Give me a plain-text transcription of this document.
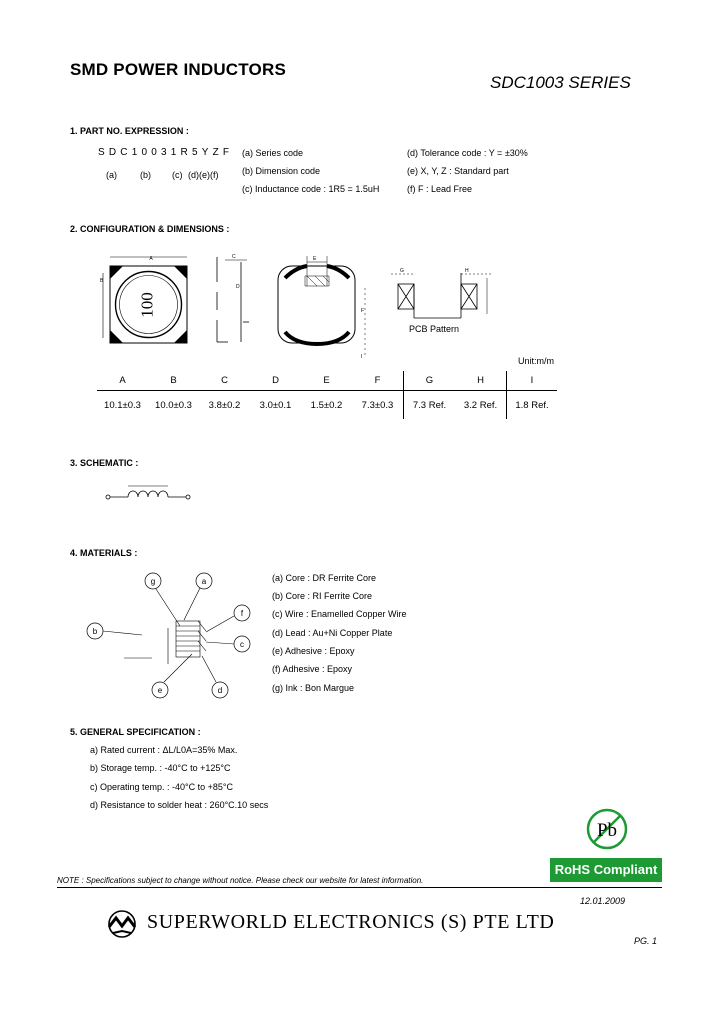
SMD POWER INDUCTORS
SDC1003 SERIES
1. PART NO. EXPRESSION :
SDC10031R5YZF
(a)	(b) (c) (d)(e)(f)
(a) Series code
(b) Dimension code
(c) Inductance code : 1R5 = 1.5uH
(d) Tolerance code : Y = ±30%
(e) X, Y, Z : Standard part
(f) F : Lead Free
2. CONFIGURATION & DIMENSIONS :
100
A
B
C
D
E
F
I
G	H
PCB Pattern
Unit:m/m
A	B	C	D	E	F	G	H	I
10.1±0.3	10.0±0.3	3.8±0.2	3.0±0.1	1.5±0.2	7.3±0.3	7.3 Ref.	3.2 Ref.	1.8 Ref.
3. SCHEMATIC :
4. MATERIALS :
g	a
b
f
c
e	d
(a) Core : DR Ferrite Core
(b) Core : RI Ferrite Core
(c) Wire : Enamelled Copper Wire
(d) Lead : Au+Ni Copper Plate
(e) Adhesive : Epoxy
(f) Adhesive : Epoxy
(g) Ink : Bon Margue
5. GENERAL SPECIFICATION :
a) Rated current : ΔL/L0A=35% Max.
b) Storage temp. : -40°C to +125°C
c) Operating temp. : -40°C to +85°C
d) Resistance to solder heat : 260°C.10 secs
Pb
RoHS Compliant
NOTE : Specifications subject to change without notice. Please check our website for latest information.
12.01.2009
SUPERWORLD ELECTRONICS (S) PTE LTD
PG. 1
